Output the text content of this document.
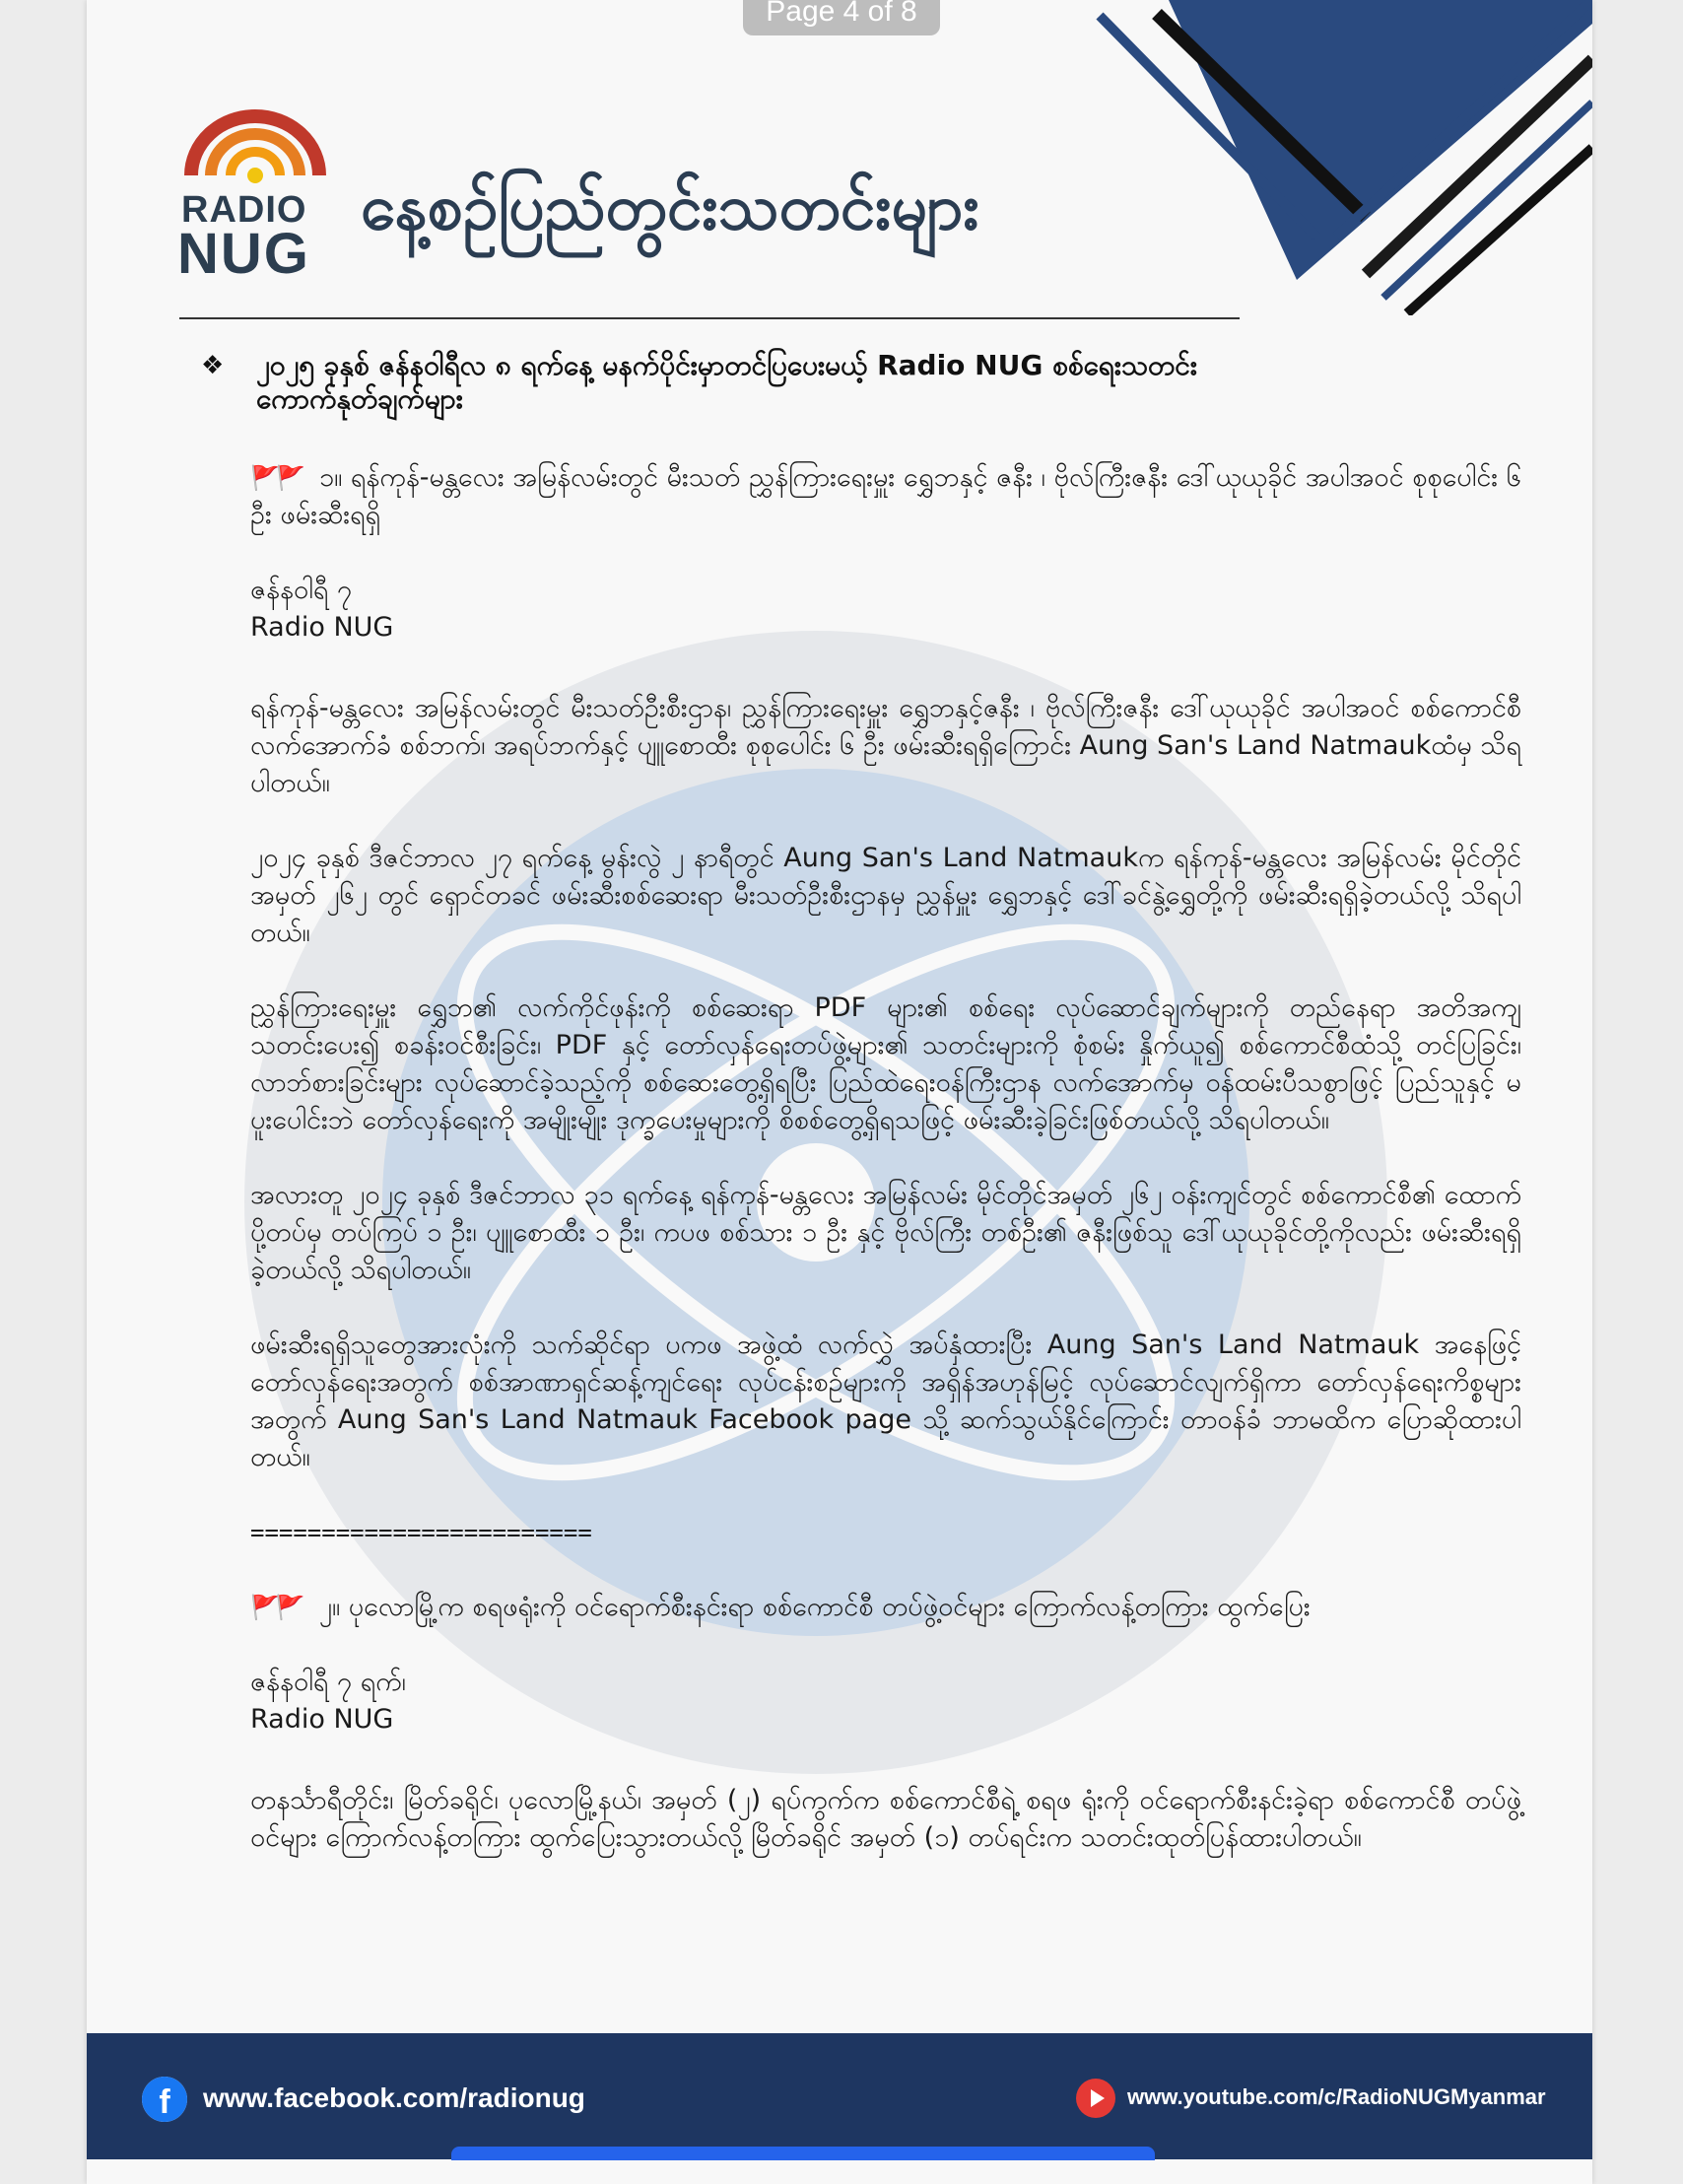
RADIO
NUG
နေ့စဉ်ပြည်တွင်းသတင်းများ
❖ ၂၀၂၅ ခုနှစ် ဇန်နဝါရီလ ၈ ရက်နေ့ မနက်ပိုင်းမှာတင်ပြပေးမယ့် Radio NUG စစ်ရေးသတင်းကောက်နုတ်ချက်များ

🚩🚩 ၁။ ရန်ကုန်-မန္တလေး အမြန်လမ်းတွင် မီးသတ် ညွှန်ကြားရေးမှူး ရွှေဘနှင့် ဇနီး ၊ ဗိုလ်ကြီးဇနီး ဒေါ်ယုယုခိုင် အပါအဝင် စုစုပေါင်း ၆ ဦး ဖမ်းဆီးရရှိ

ဇန်နဝါရီ ၇

Radio NUG

ရန်ကုန်-မန္တလေး အမြန်လမ်းတွင် မီးသတ်ဦးစီးဌာန၊ ညွှန်ကြားရေးမှူး ရွှေဘနှင့်ဇနီး ၊ ဗိုလ်ကြီးဇနီး ဒေါ်ယုယုခိုင် အပါအဝင် စစ်ကောင်စီလက်အောက်ခံ စစ်ဘက်၊ အရပ်ဘက်နှင့် ပျူစောထီး စုစုပေါင်း ၆ ဦး ဖမ်းဆီးရရှိကြောင်း Aung San's Land Natmaukထံမှ သိရပါတယ်။

၂၀၂၄ ခုနှစ် ဒီဇင်ဘာလ ၂၇ ရက်နေ့ မွန်းလွဲ ၂ နာရီတွင် Aung San's Land Natmaukက ရန်ကုန်-မန္တလေး အမြန်လမ်း မိုင်တိုင်အမှတ် ၂၆၂ တွင် ရှောင်တခင် ဖမ်းဆီးစစ်ဆေးရာ မီးသတ်ဦးစီးဌာနမှ ညွှန်မှူး ရွှေဘနှင့် ဒေါ်ခင်နွဲ့ရွှေတို့ကို ဖမ်းဆီးရရှိခဲ့တယ်လို့ သိရပါတယ်။

ညွှန်ကြားရေးမှူး ရွှေဘ၏ လက်ကိုင်ဖုန်းကို စစ်ဆေးရာ PDF များ၏ စစ်ရေး လုပ်ဆောင်ချက်များကို တည်နေရာ အတိအကျ သတင်းပေး၍ စခန်းဝင်စီးခြင်း၊ PDF နှင့် တော်လှန်ရေးတပ်ဖွဲ့များ၏ သတင်းများကို စုံစမ်း နှိုက်ယူ၍ စစ်ကောင်စီထံသို့ တင်ပြခြင်း၊ လာဘ်စားခြင်းများ လုပ်ဆောင်ခဲ့သည့်ကို စစ်ဆေးတွေ့ရှိရပြီး ပြည်ထဲရေးဝန်ကြီးဌာန လက်အောက်မှ ဝန်ထမ်းပီသစွာဖြင့် ပြည်သူနှင့် မပူးပေါင်းဘဲ တော်လှန်ရေးကို အမျိုးမျိုး ဒုက္ခပေးမှုများကို စိစစ်တွေ့ရှိရသဖြင့် ဖမ်းဆီးခဲ့ခြင်းဖြစ်တယ်လို့ သိရပါတယ်။

အလားတူ ၂၀၂၄ ခုနှစ် ဒီဇင်ဘာလ ၃၁ ရက်နေ့ ရန်ကုန်-မန္တလေး အမြန်လမ်း မိုင်တိုင်အမှတ် ၂၆၂ ဝန်းကျင်တွင် စစ်ကောင်စီ၏ ထောက်ပို့တပ်မှ တပ်ကြပ် ၁ ဦး၊ ပျူစောထီး ၁ ဦး၊ ကပဖ စစ်သား ၁ ဦး နှင့် ဗိုလ်ကြီး တစ်ဦး၏ ဇနီးဖြစ်သူ ဒေါ်ယုယုခိုင်တို့ကိုလည်း ဖမ်းဆီးရရှိခဲ့တယ်လို့ သိရပါတယ်။

ဖမ်းဆီးရရှိသူတွေအားလုံးကို သက်ဆိုင်ရာ ပကဖ အဖွဲ့ထံ လက်လွှဲ အပ်နှံထားပြီး Aung San's Land Natmauk အနေဖြင့် တော်လှန်ရေးအတွက် စစ်အာဏာရှင်ဆန့်ကျင်ရေး လုပ်ငန်းစဉ်များကို အရှိန်အဟုန်မြင့် လုပ်ဆောင်လျက်ရှိကာ တော်လှန်ရေးကိစ္စများအတွက် Aung San's Land Natmauk Facebook page သို့ ဆက်သွယ်နိုင်ကြောင်း တာဝန်ခံ ဘာမထိက ပြောဆိုထားပါတယ်။

========================

🚩🚩 ၂။ ပုလောမြို့က စရဖရုံးကို ဝင်ရောက်စီးနင်းရာ စစ်ကောင်စီ တပ်ဖွဲ့ဝင်များ ကြောက်လန့်တကြား ထွက်ပြေး

ဇန်နဝါရီ ၇ ရက်၊

Radio NUG

တနင်္သာရီတိုင်း၊ မြိတ်ခရိုင်၊ ပုလောမြို့နယ်၊ အမှတ် (၂) ရပ်ကွက်က စစ်ကောင်စီရဲ့ စရဖ ရုံးကို ဝင်ရောက်စီးနင်းခဲ့ရာ စစ်ကောင်စီ တပ်ဖွဲ့ဝင်များ ကြောက်လန့်တကြား ထွက်ပြေးသွားတယ်လို့ မြိတ်ခရိုင် အမှတ် (၁) တပ်ရင်းက သတင်းထုတ်ပြန်ထားပါတယ်။

f	www.facebook.com/radionug	www.youtube.com/c/RadioNUGMyanmar
Page 4 of 8
